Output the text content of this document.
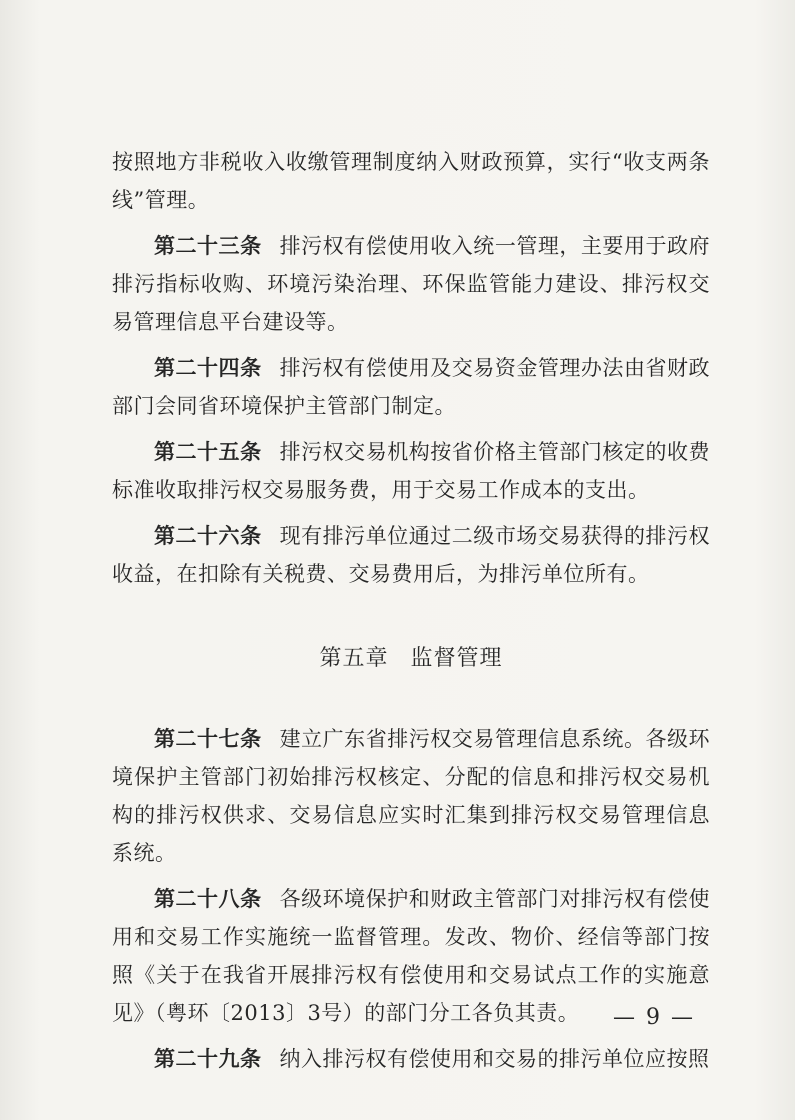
按照地方非税收入收缴管理制度纳入财政预算，实行“收支两条线”管理。

第二十三条 排污权有偿使用收入统一管理，主要用于政府排污指标收购、环境污染治理、环保监管能力建设、排污权交易管理信息平台建设等。

第二十四条 排污权有偿使用及交易资金管理办法由省财政部门会同省环境保护主管部门制定。

第二十五条 排污权交易机构按省价格主管部门核定的收费标准收取排污权交易服务费，用于交易工作成本的支出。

第二十六条 现有排污单位通过二级市场交易获得的排污权收益，在扣除有关税费、交易费用后，为排污单位所有。

第五章 监督管理

第二十七条 建立广东省排污权交易管理信息系统。各级环境保护主管部门初始排污权核定、分配的信息和排污权交易机构的排污权供求、交易信息应实时汇集到排污权交易管理信息系统。

第二十八条 各级环境保护和财政主管部门对排污权有偿使用和交易工作实施统一监督管理。发改、物价、经信等部门按照《关于在我省开展排污权有偿使用和交易试点工作的实施意见》（粤环〔2013〕3号）的部门分工各负其责。

第二十九条 纳入排污权有偿使用和交易的排污单位应按照

— 9 —
